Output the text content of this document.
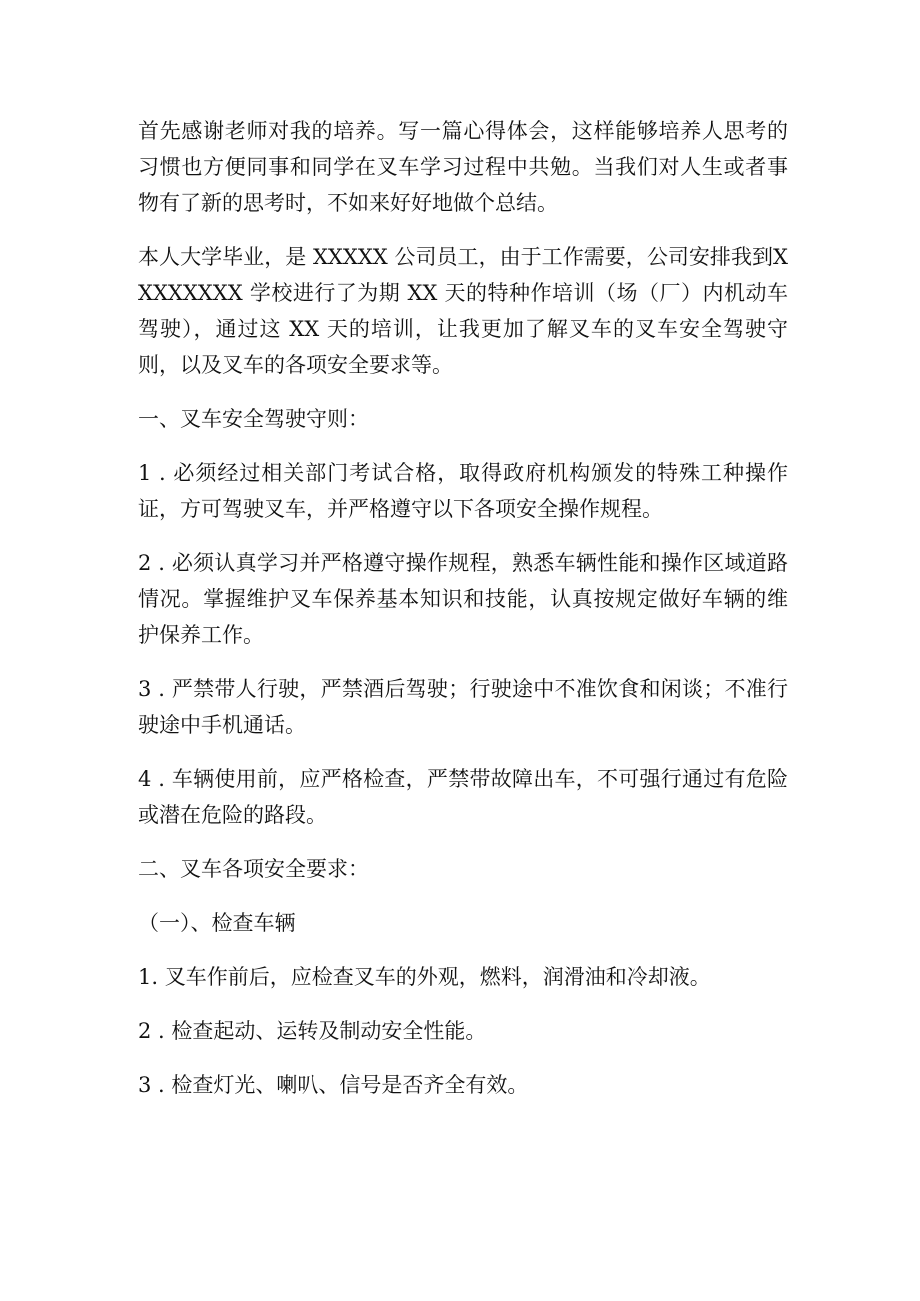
首先感谢老师对我的培养。写一篇心得体会，这样能够培养人思考的习惯也方便同事和同学在叉车学习过程中共勉。当我们对人生或者事物有了新的思考时，不如来好好地做个总结。

本人大学毕业，是 XXXXX 公司员工，由于工作需要，公司安排我到XXXXXXXX 学校进行了为期 XX 天的特种作培训（场（厂）内机动车驾驶），通过这 XX 天的培训，让我更加了解叉车的叉车安全驾驶守则，以及叉车的各项安全要求等。

一、叉车安全驾驶守则：

1 . 必须经过相关部门考试合格，取得政府机构颁发的特殊工种操作证，方可驾驶叉车，并严格遵守以下各项安全操作规程。

2 . 必须认真学习并严格遵守操作规程，熟悉车辆性能和操作区域道路情况。掌握维护叉车保养基本知识和技能，认真按规定做好车辆的维护保养工作。

3 . 严禁带人行驶，严禁酒后驾驶；行驶途中不准饮食和闲谈；不准行驶途中手机通话。

4 . 车辆使用前，应严格检查，严禁带故障出车，不可强行通过有危险或潜在危险的路段。

二、叉车各项安全要求：

（一）、检查车辆

1. 叉车作前后，应检查叉车的外观，燃料，润滑油和冷却液。

2 . 检查起动、运转及制动安全性能。

3 . 检查灯光、喇叭、信号是否齐全有效。
